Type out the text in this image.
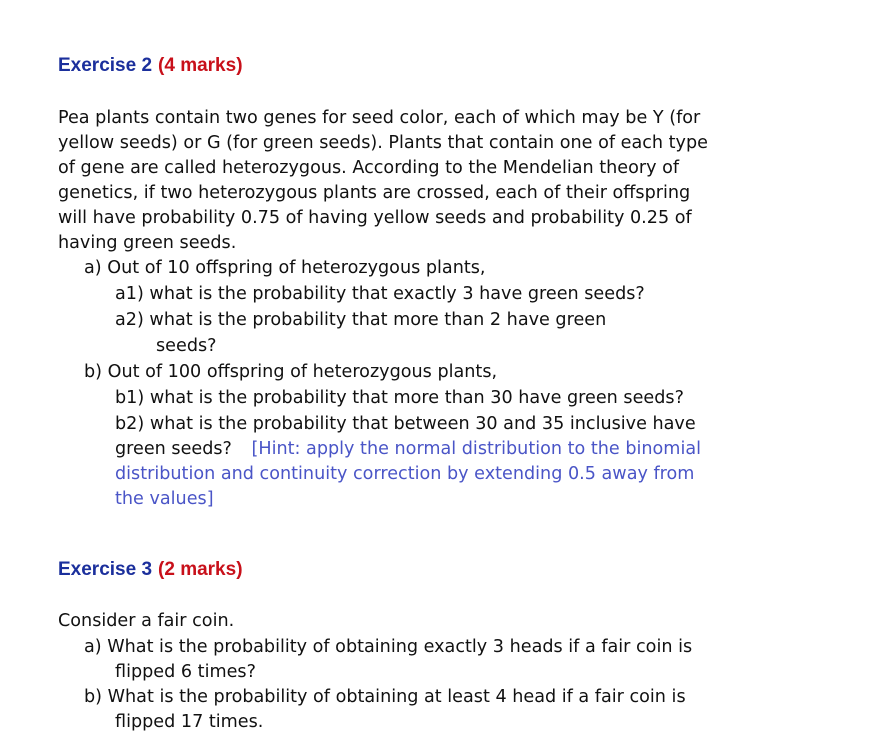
Exercise 2 (4 marks)
Pea plants contain two genes for seed color, each of which may be Y (for
yellow seeds) or G (for green seeds). Plants that contain one of each type
of gene are called heterozygous. According to the Mendelian theory of
genetics, if two heterozygous plants are crossed, each of their offspring
will have probability 0.75 of having yellow seeds and probability 0.25 of
having green seeds.
a) Out of 10 offspring of heterozygous plants,
a1) what is the probability that exactly 3 have green seeds?
a2) what is the probability that more than 2 have green
seeds?
b) Out of 100 offspring of heterozygous plants,
b1) what is the probability that more than 30 have green seeds?
b2) what is the probability that between 30 and 35 inclusive have
green seeds? [Hint: apply the normal distribution to the binomial
distribution and continuity correction by extending 0.5 away from
the values]
Exercise 3 (2 marks)
Consider a fair coin.
a) What is the probability of obtaining exactly 3 heads if a fair coin is
flipped 6 times?
b) What is the probability of obtaining at least 4 head if a fair coin is
flipped 17 times.
